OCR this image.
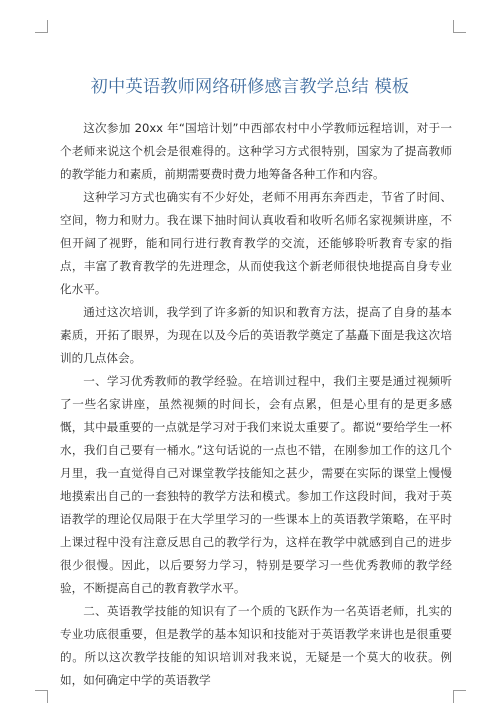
初中英语教师网络研修感言教学总结 模板

这次参加 20xx 年“国培计划”中西部农村中小学教师远程培训，对于一个老师来说这个机会是很难得的。这种学习方式很特别，国家为了提高教师的教学能力和素质，前期需要费时费力地筹备各种工作和内容。

这种学习方式也确实有不少好处，老师不用再东奔西走，节省了时间、空间，物力和财力。我在课下抽时间认真收看和收听名师名家视频讲座，不但开阔了视野，能和同行进行教育教学的交流，还能够聆听教育专家的指点，丰富了教育教学的先进理念，从而使我这个新老师很快地提高自身专业化水平。

通过这次培训，我学到了许多新的知识和教育方法，提高了自身的基本素质，开拓了眼界，为现在以及今后的英语教学奠定了基矗下面是我这次培训的几点体会。

一、学习优秀教师的教学经验。在培训过程中，我们主要是通过视频听了一些名家讲座，虽然视频的时间长，会有点累，但是心里有的是更多感慨，其中最重要的一点就是学习对于我们来说太重要了。都说“要给学生一杯水，我们自己要有一桶水。”这句话说的一点也不错，在刚参加工作的这几个月里，我一直觉得自己对课堂教学技能知之甚少，需要在实际的课堂上慢慢地摸索出自己的一套独特的教学方法和模式。参加工作这段时间，我对于英语教学的理论仅局限于在大学里学习的一些课本上的英语教学策略，在平时上课过程中没有注意反思自己的教学行为，这样在教学中就感到自己的进步很少很慢。因此，以后要努力学习，特别是要学习一些优秀教师的教学经验，不断提高自己的教育教学水平。

二、英语教学技能的知识有了一个质的飞跃作为一名英语老师，扎实的专业功底很重要，但是教学的基本知识和技能对于英语教学来讲也是很重要的。所以这次教学技能的知识培训对我来说，无疑是一个莫大的收获。例如，如何确定中学的英语教学
